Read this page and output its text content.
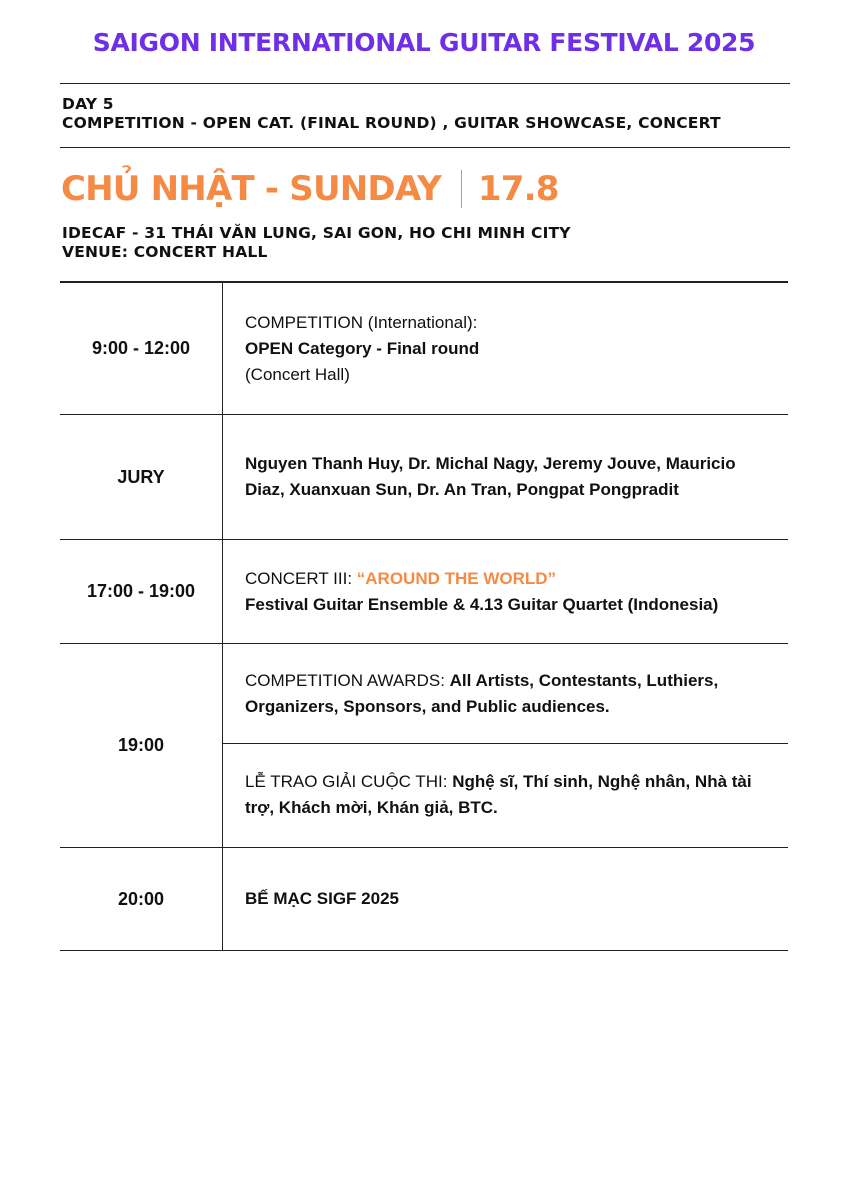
SAIGON INTERNATIONAL GUITAR FESTIVAL 2025
DAY 5
COMPETITION - OPEN CAT. (FINAL ROUND) , GUITAR SHOWCASE, CONCERT
CHỦ NHẬT - SUNDAY 17.8
IDECAF - 31 THÁI VĂN LUNG, SAI GON, HO CHI MINH CITY
VENUE: CONCERT HALL
9:00 - 12:00
COMPETITION (International):
OPEN Category - Final round
(Concert Hall)
JURY
Nguyen Thanh Huy, Dr. Michal Nagy, Jeremy Jouve, Mauricio Diaz, Xuanxuan Sun, Dr. An Tran, Pongpat Pongpradit
17:00 - 19:00
CONCERT III: “AROUND THE WORLD”
Festival Guitar Ensemble & 4.13 Guitar Quartet (Indonesia)
19:00
COMPETITION AWARDS: All Artists, Contestants, Luthiers, Organizers, Sponsors, and Public audiences.
LỄ TRAO GIẢI CUỘC THI: Nghệ sĩ, Thí sinh, Nghệ nhân, Nhà tài trợ, Khách mời, Khán giả, BTC.
20:00	BẾ MẠC SIGF 2025
